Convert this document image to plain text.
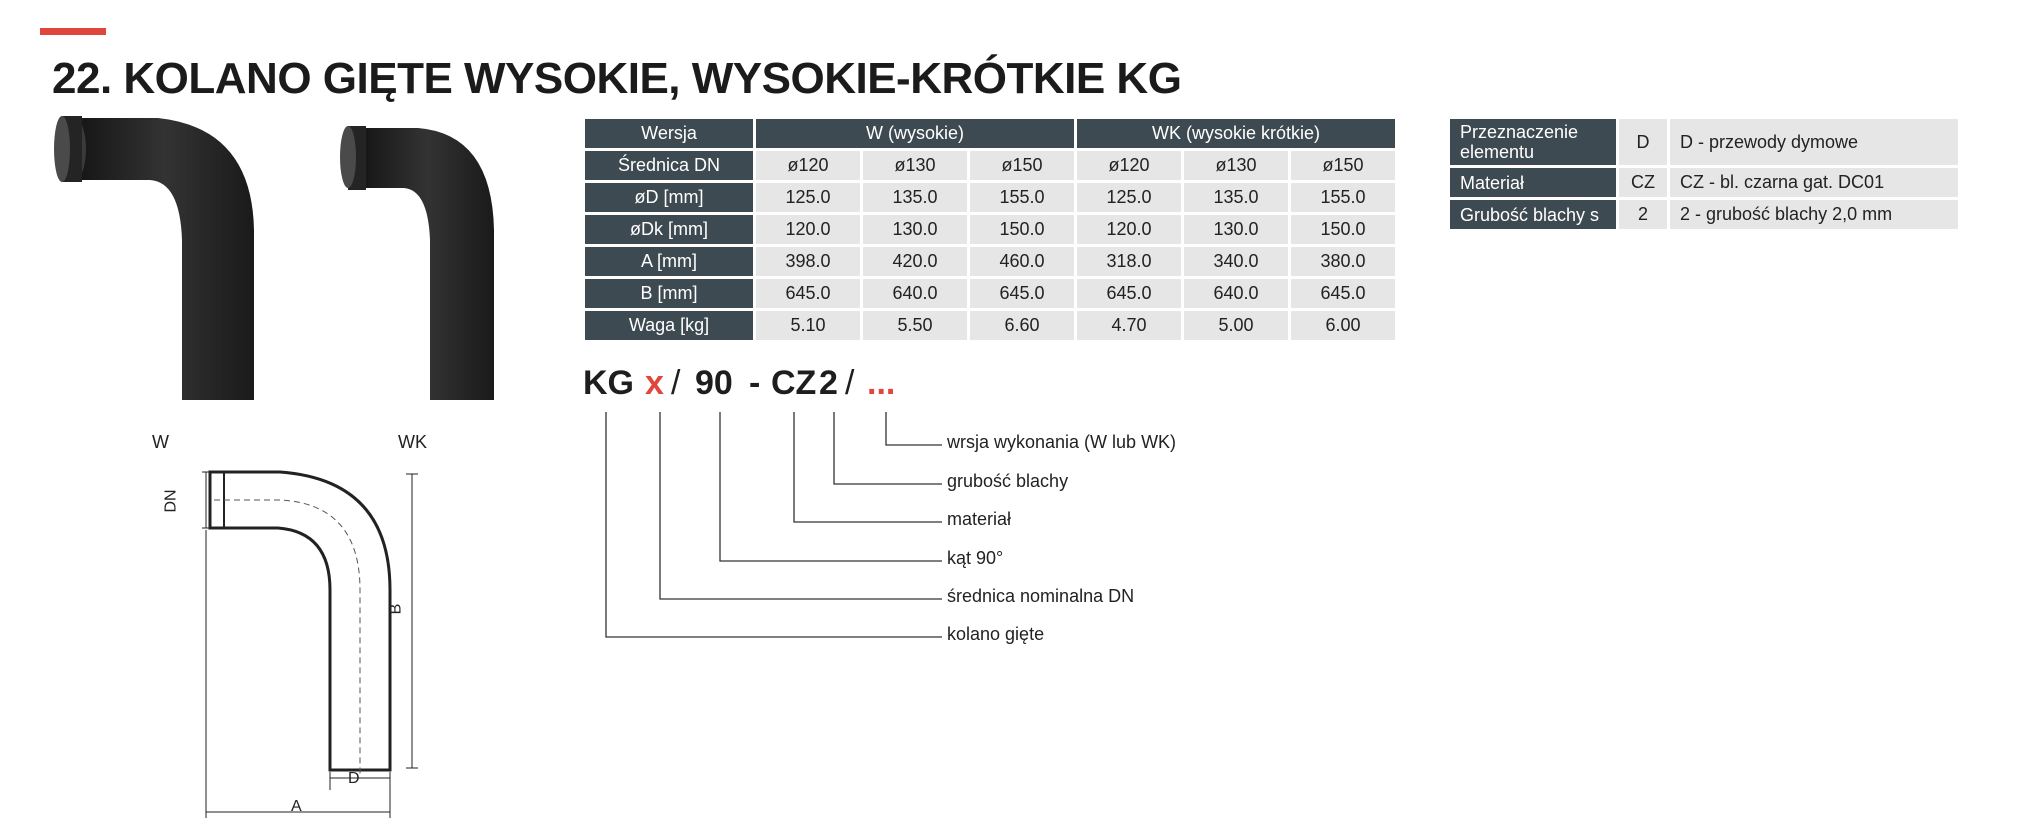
22. KOLANO GIĘTE WYSOKIE, WYSOKIE-KRÓTKIE KG
W	WK
DN
B
D
A
Wersja	W (wysokie)			WK (wysokie krótkie)		
Średnica DN	ø120	ø130	ø150	ø120	ø130	ø150
øD [mm]	125.0	135.0	155.0	125.0	135.0	155.0
øDk [mm]	120.0	130.0	150.0	120.0	130.0	150.0
A [mm]	398.0	420.0	460.0	318.0	340.0	380.0
B [mm]	645.0	640.0	645.0	645.0	640.0	645.0
Waga [kg]	5.10	5.50	6.60	4.70	5.00	6.00
Przeznaczenie elementu	D	D - przewody dymowe
Materiał	CZ	CZ - bl. czarna gat. DC01
Grubość blachy s	2	2 - grubość blachy 2,0 mm
KG x / 90 - CZ 2 / ...
wrsja wykonania (W lub WK)
grubość blachy
materiał
kąt 90°
średnica nominalna DN
kolano gięte
